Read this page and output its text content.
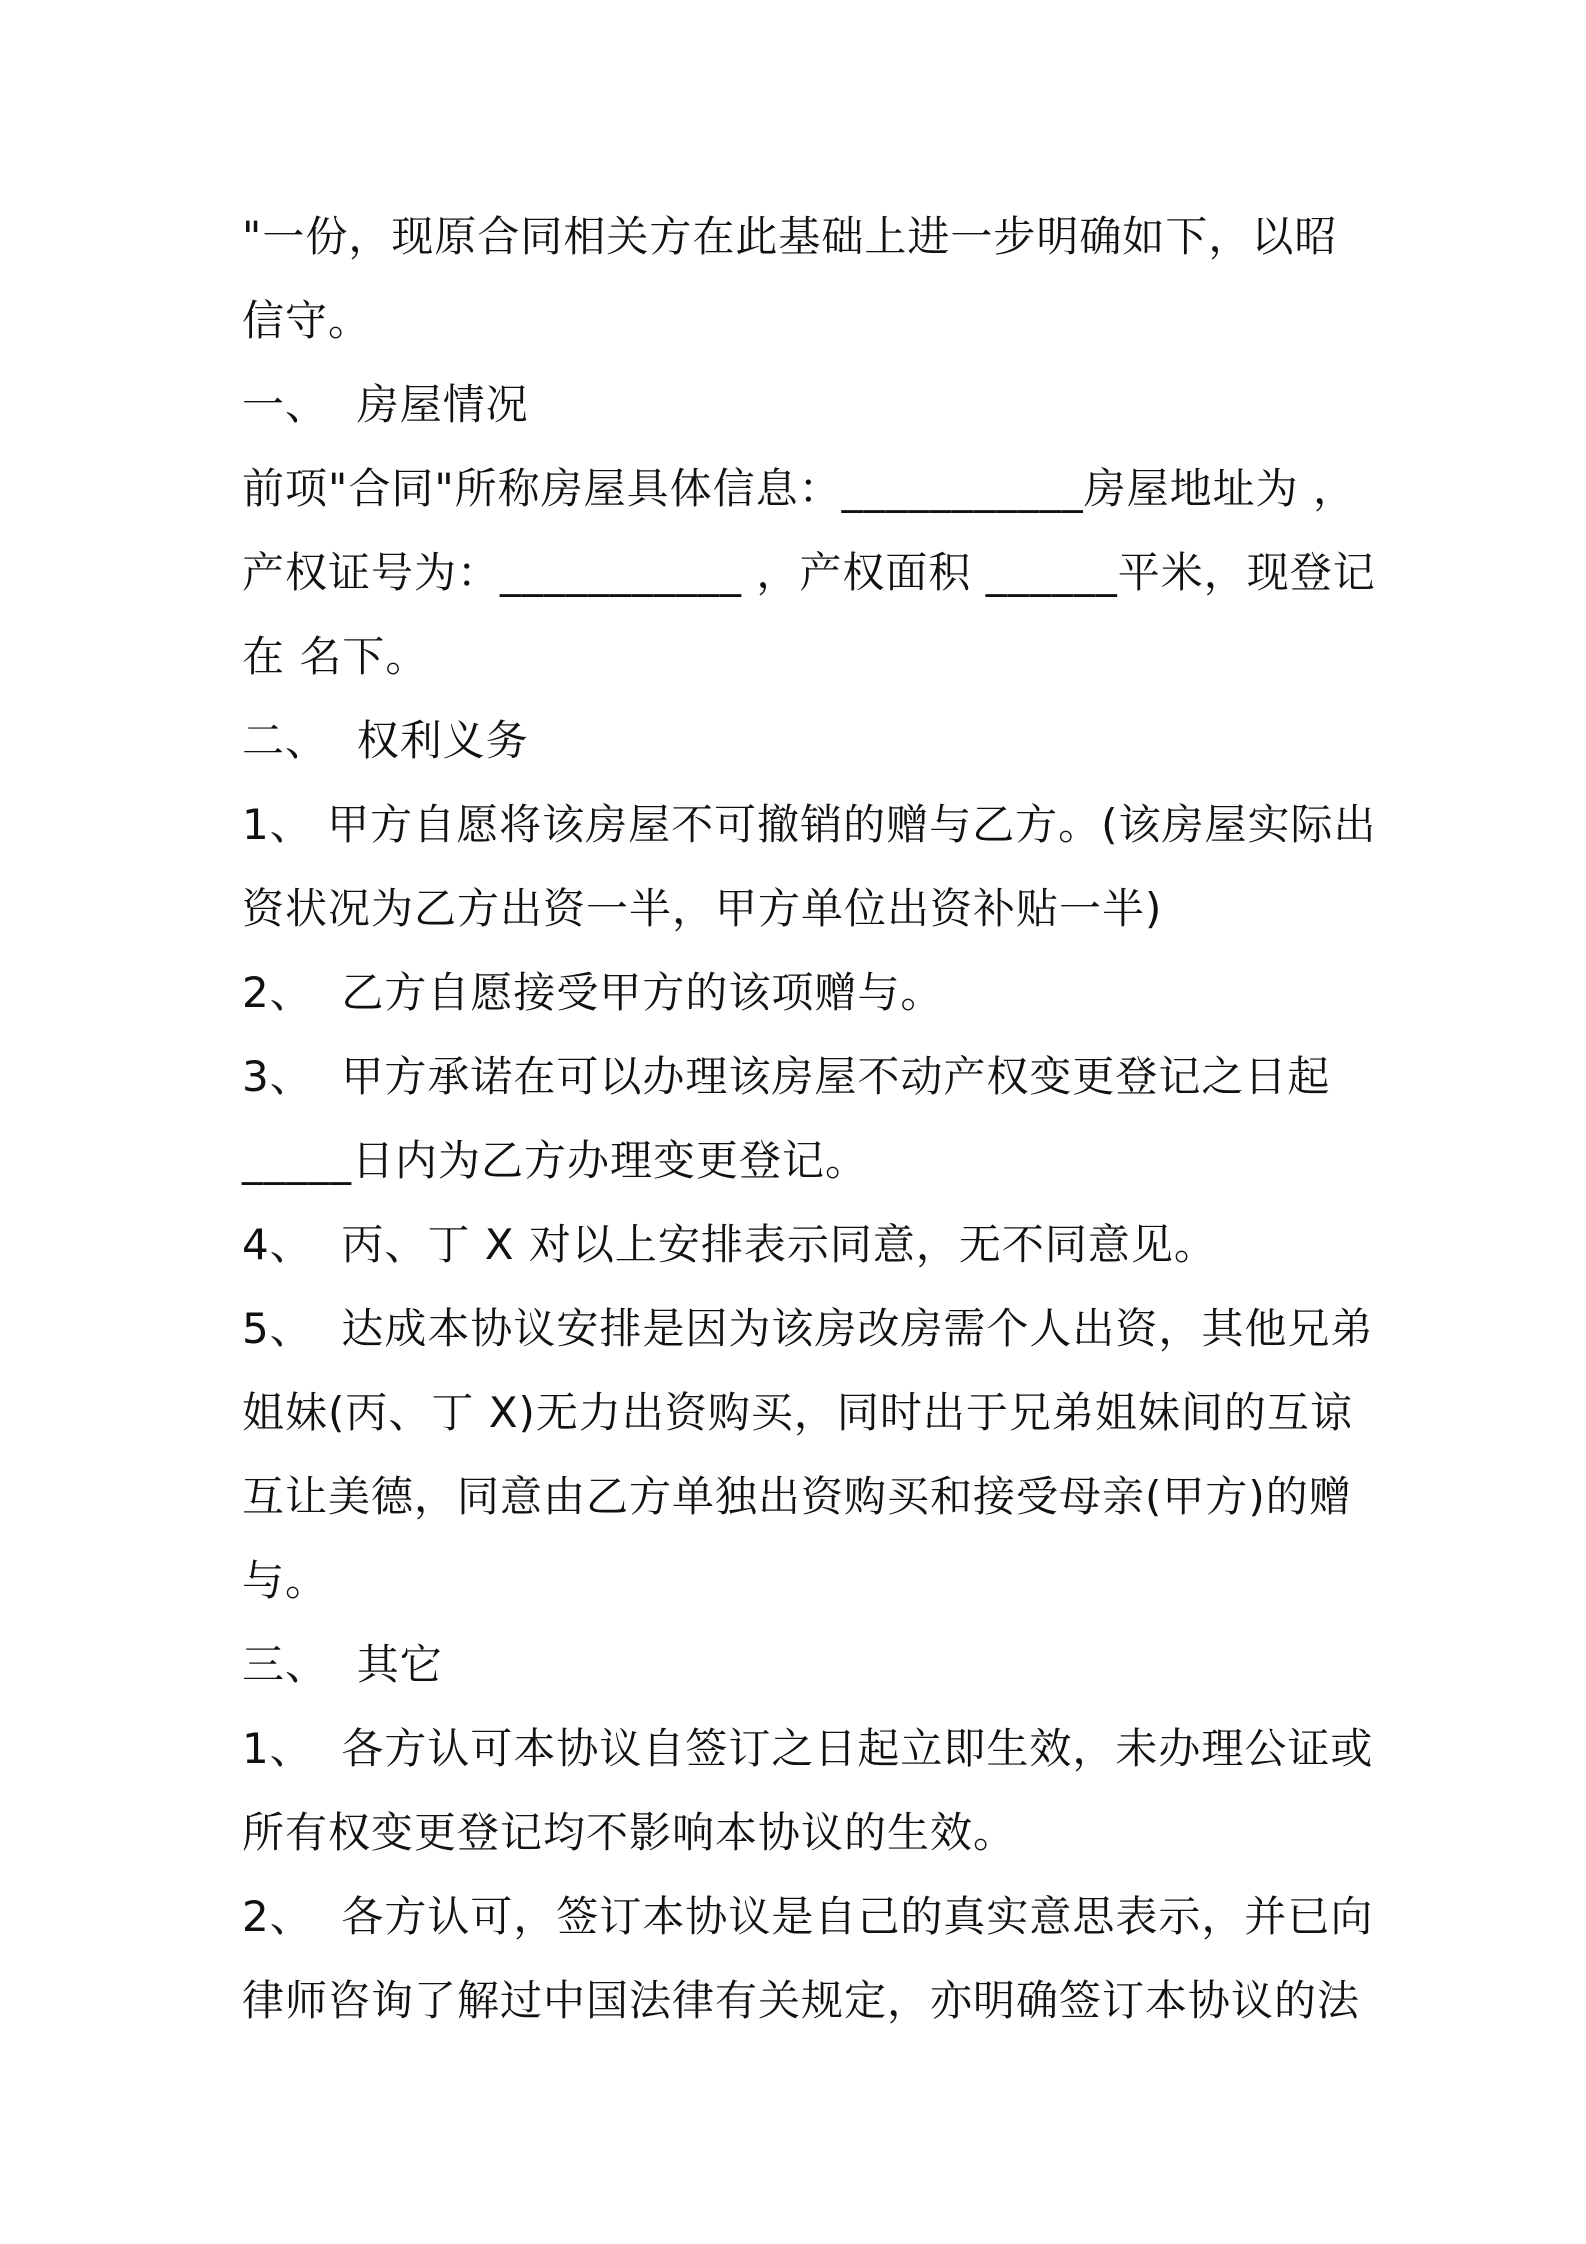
"一份，现原合同相关方在此基础上进一步明确如下，以昭
信守。
一、  房屋情况
前项"合同"所称房屋具体信息：___________房屋地址为 ，
产权证号为：___________ ，产权面积 ______平米，现登记
在 名下。
二、  权利义务
1、 甲方自愿将该房屋不可撤销的赠与乙方。(该房屋实际出
资状况为乙方出资一半，甲方单位出资补贴一半)
2、  乙方自愿接受甲方的该项赠与。
3、  甲方承诺在可以办理该房屋不动产权变更登记之日起
_____日内为乙方办理变更登记。
4、  丙、丁 X 对以上安排表示同意，无不同意见。
5、  达成本协议安排是因为该房改房需个人出资，其他兄弟
姐妹(丙、丁 X)无力出资购买，同时出于兄弟姐妹间的互谅
互让美德，同意由乙方单独出资购买和接受母亲(甲方)的赠
与。
三、  其它
1、  各方认可本协议自签订之日起立即生效，未办理公证或
所有权变更登记均不影响本协议的生效。
2、  各方认可，签订本协议是自己的真实意思表示，并已向
律师咨询了解过中国法律有关规定，亦明确签订本协议的法
